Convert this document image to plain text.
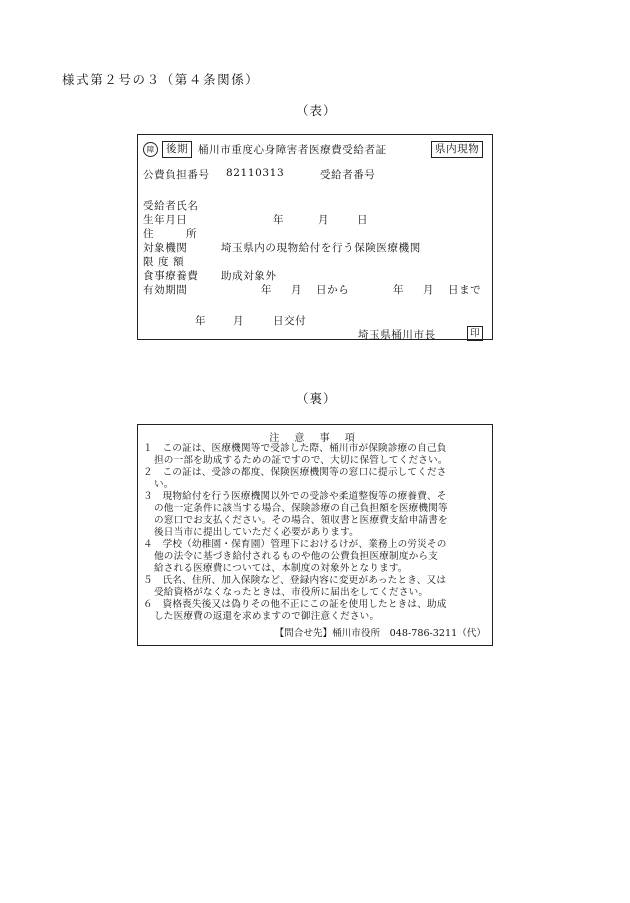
様式第２号の３（第４条関係）
（表）
障	後期 桶川市重度心身障害者医療費受給者証	県内現物
公費負担番号 82110313	受給者番号
受給者氏名
生年月日	年	月	日
住	所
対象機関	埼玉県内の現物給付を行う保険医療機関
限 度 額
食事療養費 助成対象外
有効期間	年 月 日から	年 月 日まで
年	月	日交付
埼玉県桶川市長	印
（裏）
注 意 事 項
１　この証は、医療機関等で受診した際、桶川市が保険診療の自己負
担の一部を助成するための証ですので、大切に保管してください。
２　この証は、受診の都度、保険医療機関等の窓口に提示してくださ
い。
３　現物給付を行う医療機関以外での受診や柔道整復等の療養費、そ
の他一定条件に該当する場合、保険診療の自己負担額を医療機関等
の窓口でお支払ください。その場合、領収書と医療費支給申請書を
後日当市に提出していただく必要があります。
４　学校（幼稚園・保育園）管理下におけるけが、業務上の労災その
他の法令に基づき給付されるものや他の公費負担医療制度から支
給される医療費については、本制度の対象外となります。
５　氏名、住所、加入保険など、登録内容に変更があったとき、又は
受給資格がなくなったときは、市役所に届出をしてください。
６　資格喪失後又は偽りその他不正にこの証を使用したときは、助成
した医療費の返還を求めますので御注意ください。
【問合せ先】桶川市役所　048-786-3211（代）
